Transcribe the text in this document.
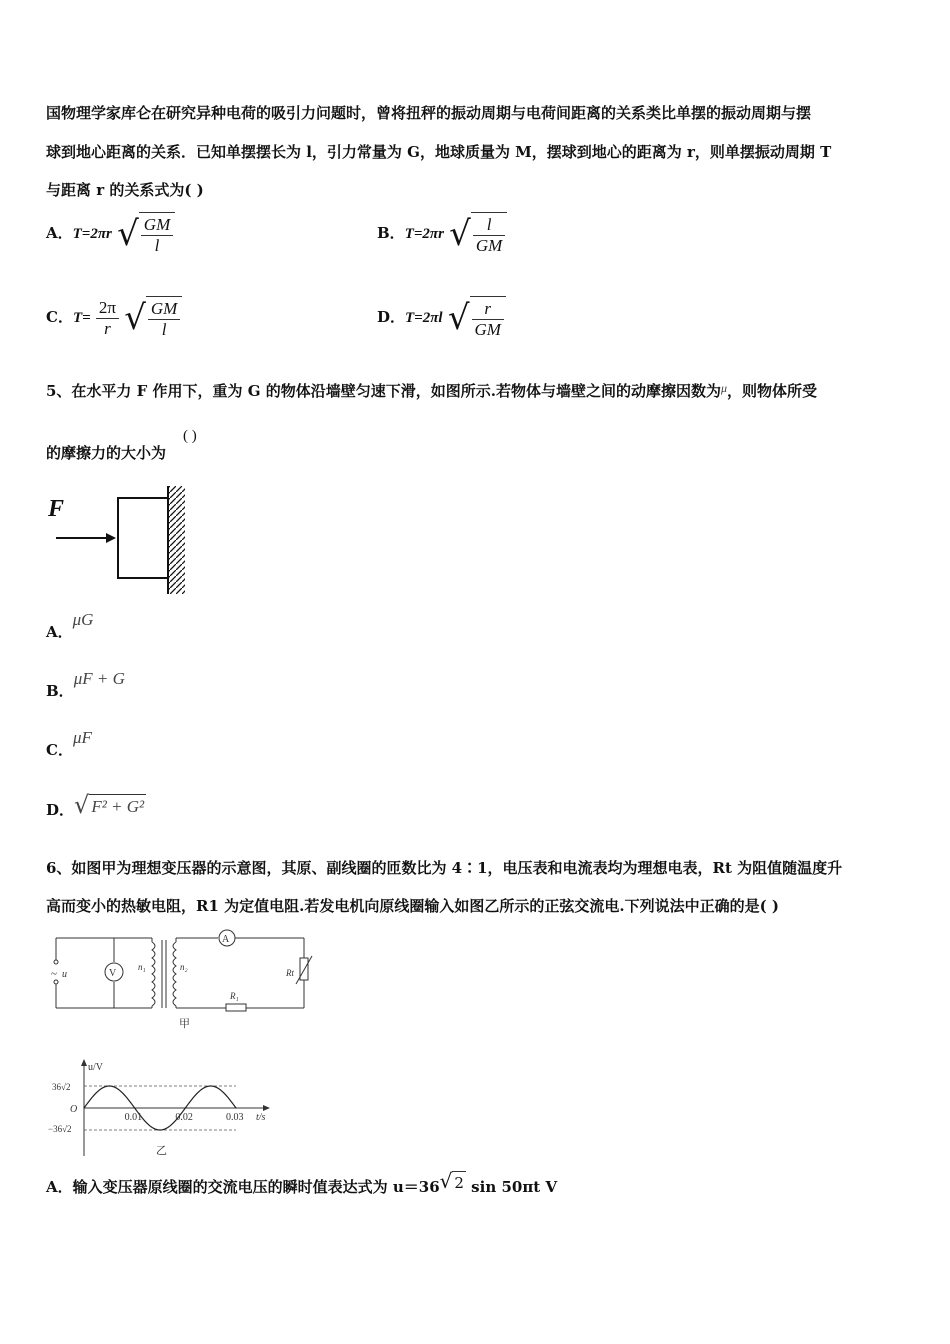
国物理学家库仑在研究异种电荷的吸引力问题时，曾将扭秤的振动周期与电荷间距离的关系类比单摆的振动周期与摆
球到地心距离的关系．已知单摆摆长为 l，引力常量为 G，地球质量为 M，摆球到地心的距离为 r，则单摆振动周期 T
与距离 r 的关系式为( )
A．T=2πr √ $\frac{GM}{l}$	B．T=2πr √ $\frac{l}{GM}$
C．$T= \frac{2\pi}{r}$
√ $\frac{GM}{l}$	D．T=2πl √ $\frac{r}{GM}$
5、在水平力 F 作用下，重为 G 的物体沿墙壁匀速下滑，如图所示.若物体与墙壁之间的动摩擦因数为$^\mu$，则物体所受
的摩擦力的大小为
( )
F
A．μG
B．μF + G
C．μF
D． √ F² + G²
6、如图甲为理想变压器的示意图，其原、副线圈的匝数比为 4∶1，电压表和电流表均为理想电表，Rt 为阻值随温度升
高而变小的热敏电阻，R1 为定值电阻.若发电机向原线圈输入如图乙所示的正弦交流电.下列说法中正确的是( )
~ u	V
A
n₁	n₂
Rt
R₁
甲
u/V
t/s
O
36√2
−36√2
0.01	0.02	0.03
乙
A．输入变压器原线圈的交流电压的瞬时值表达式为 u＝36 √ 2 sin 50πt V
